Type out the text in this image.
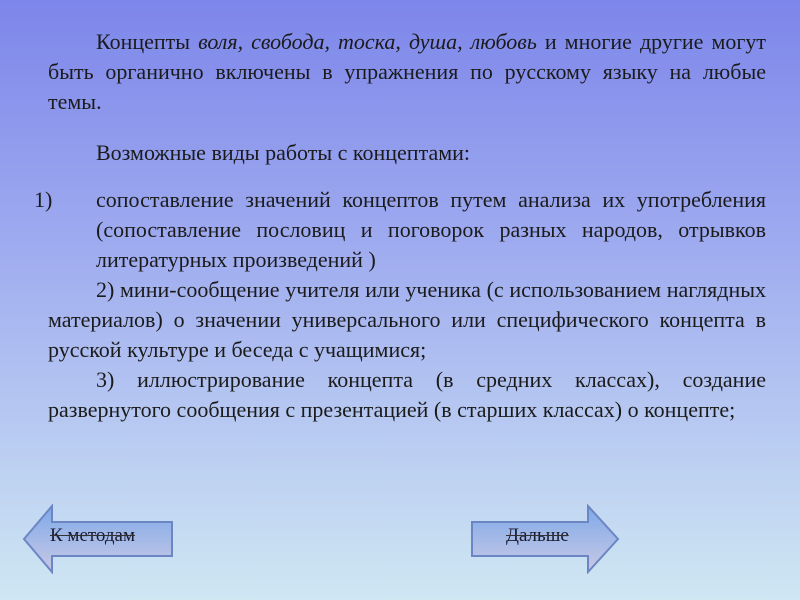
Концепты воля, свобода, тоска, душа, любовь и многие другие могут быть органично включены в упражнения по русскому языку на любые темы.

Возможные виды работы с концептами:

1) сопоставление значений концептов путем анализа их употребления (сопоставление пословиц и поговорок разных народов, отрывков литературных произведений )

2) мини-сообщение учителя или ученика (с использованием наглядных материалов) о значении универсального или специфического концепта в русской культуре и беседа с учащимися;

3) иллюстрирование концепта (в средних классах), создание развернутого сообщения с презентацией (в старших классах) о концепте;

К методам	Дальше
